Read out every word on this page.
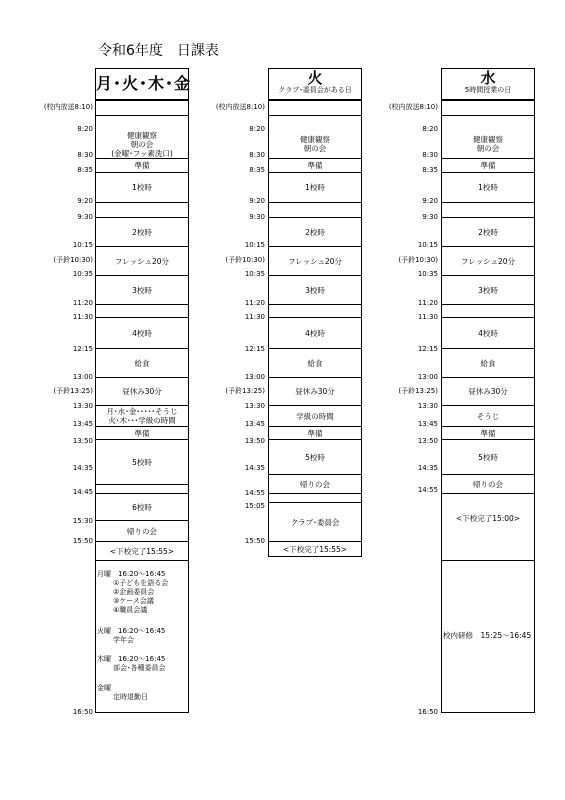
令和6年度　日課表
月･火･木･金
健康観察
朝の会
(金曜･フッ素洗口)
準備
1校時
2校時
フレッシュ20分
3校時
4校時
給食
昼休み30分
月･水･金･････そうじ
火･木･･･学級の時間
準備
5校時
6校時
帰りの会
<下校完了15:55>
月曜　16:20～16:45
①子どもを語る会
②企画委員会
③ケース会議
④職員会議
火曜　16:20～16:45
学年会
木曜　16:20～16:45
部会･各種委員会
金曜
定時退勤日
(校内放送8:10)
8:20
8:30
8:35
9:20
9:30
10:15
(予鈴10:30)
10:35
11:20
11:30
12:15
13:00
(予鈴13:25)
13:30
13:45
13:50
14:35
14:45
15:30
15:50
16:50
火
クラブ･委員会がある日
健康観察
朝の会
準備
1校時
2校時
フレッシュ20分
3校時
4校時
給食
昼休み30分
学級の時間
準備
5校時
帰りの会
クラブ･委員会
<下校完了15:55>
(校内放送8:10)
8:20
8:30
8:35
9:20
9:30
10:15
(予鈴10:30)
10:35
11:20
11:30
12:15
13:00
(予鈴13:25)
13:30
13:45
13:50
14:35
14:55
15:05
15:50
水
5時間授業の日
健康観察
朝の会
準備
1校時
2校時
フレッシュ20分
3校時
4校時
給食
昼休み30分
そうじ
準備
5校時
帰りの会
<下校完了15:00>
校内研修　15:25～16:45
(校内放送8:10)
8:20
8:30
8:35
9:20
9:30
10:15
(予鈴10:30)
10:35
11:20
11:30
12:15
13:00
(予鈴13:25)
13:30
13:45
13:50
14:35
14:55
16:50
